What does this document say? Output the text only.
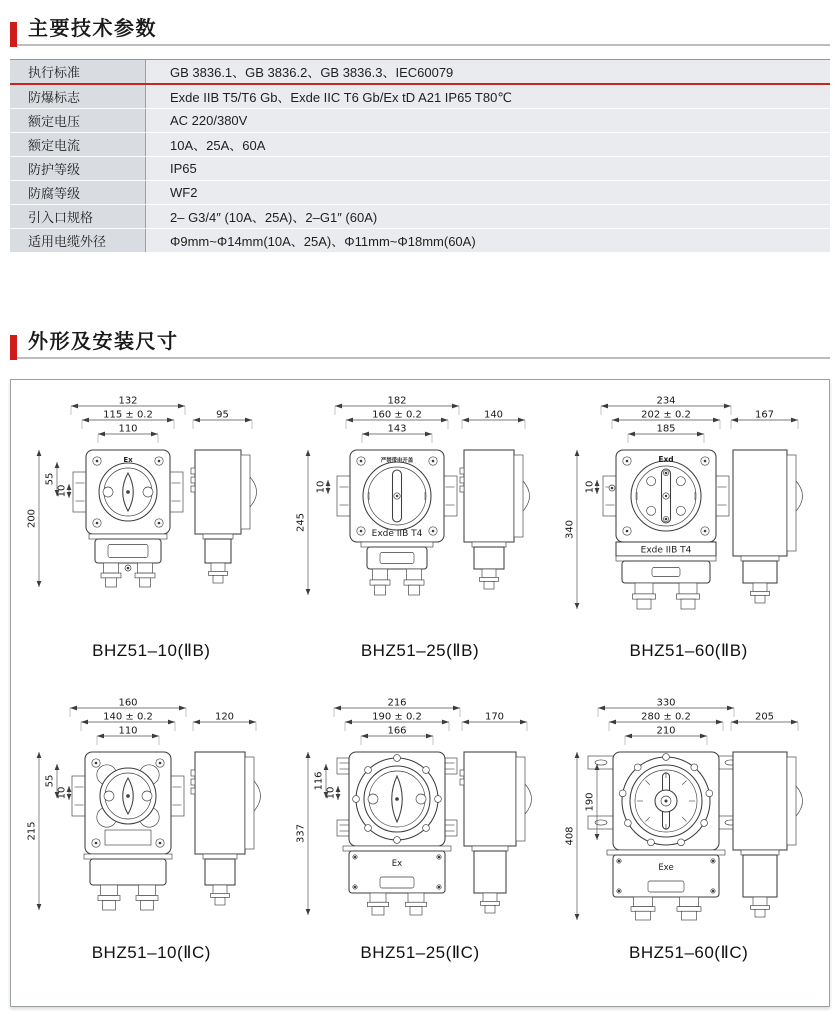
主要技术参数
执行标准	GB 3836.1、GB 3836.2、GB 3836.3、IEC60079
防爆标志	Exde IIB T5/T6 Gb、Exde IIC T6 Gb/Ex tD A21 IP65 T80℃
额定电压	AC 220/380V
额定电流	10A、25A、60A
防护等级	IP65
防腐等级	WF2
引入口规格	2– G3/4″ (10A、25A)、2–G1″ (60A)
适用电缆外径	Φ9mm~Φ14mm(10A、25A)、Φ11mm~Φ18mm(60A)
外形及安装尺寸
Ex
132
115 ± 0.2
110
95
200
55
10
BHZ51–10(ⅡB)
严禁带电开盖
Exde IIB T4
182
160 ± 0.2
143
140
245
10
BHZ51–25(ⅡB)
Exd
Exde IIB T4
234
202 ± 0.2
185
167
340
10
BHZ51–60(ⅡB)
160
140 ± 0.2
110
120
215
55
10
BHZ51–10(ⅡC)
Ex
216
190 ± 0.2
166
170
337
116
10
BHZ51–25(ⅡC)
Exe
330
280 ± 0.2
210
205
408
190
BHZ51–60(ⅡC)
